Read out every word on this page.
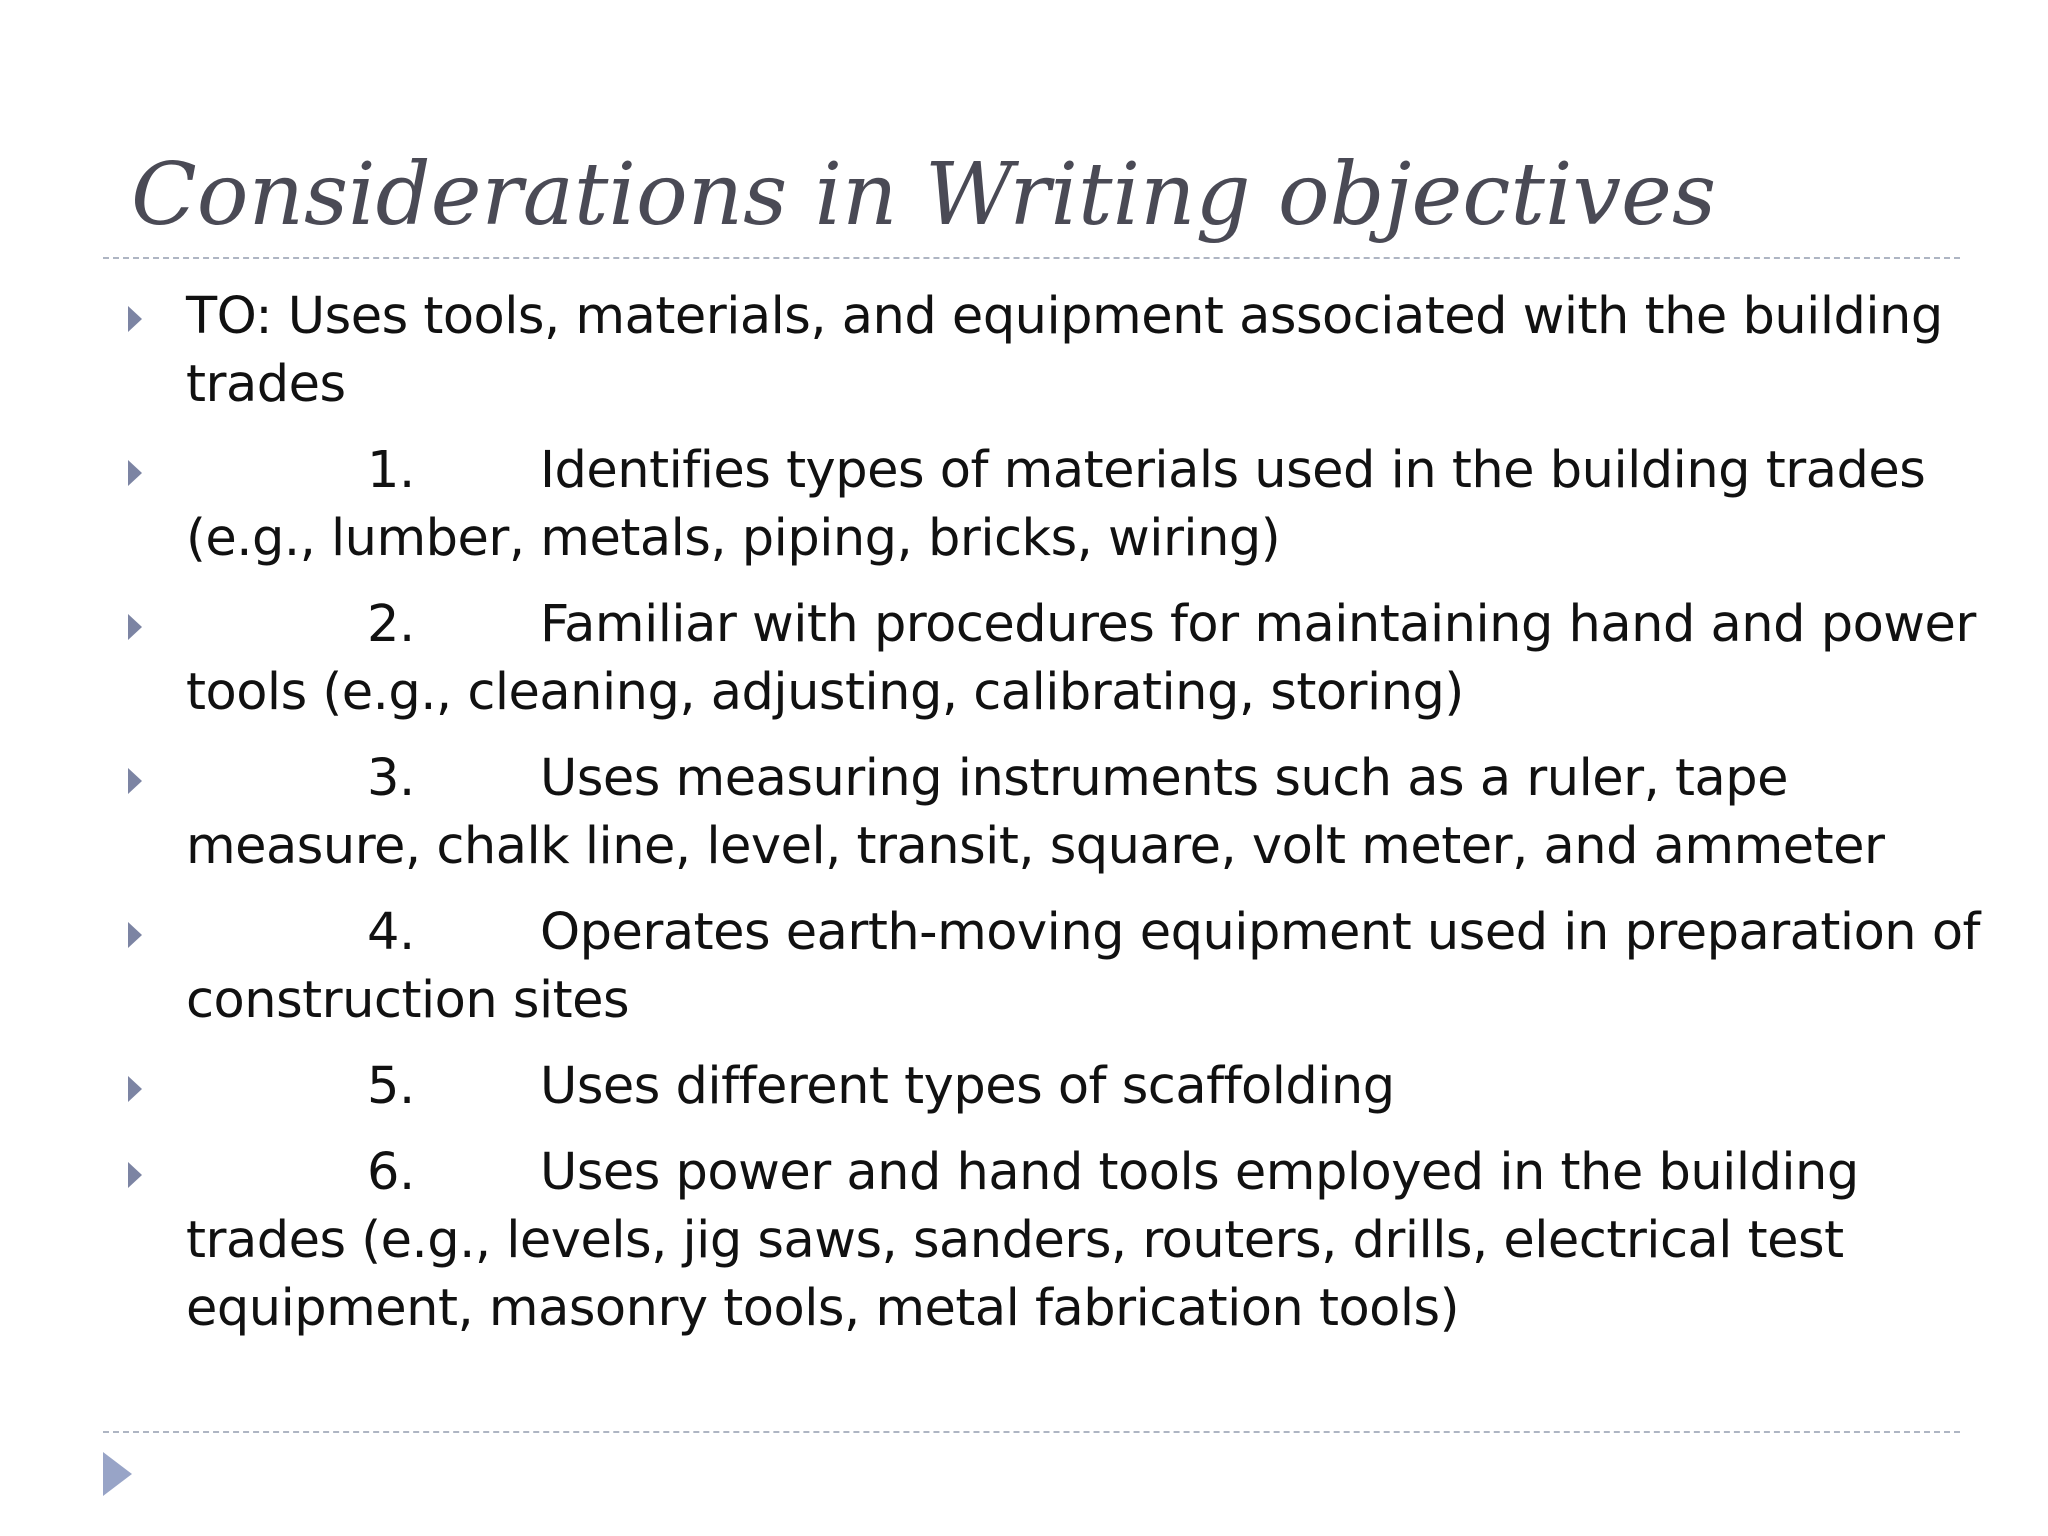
Considerations in Writing objectives
TO: Uses tools, materials, and equipment associated with the building trades
1. Identifies types of materials used in the building trades (e.g., lumber, metals, piping, bricks, wiring)
2. Familiar with procedures for maintaining hand and power tools (e.g., cleaning, adjusting, calibrating, storing)
3. Uses measuring instruments such as a ruler, tape measure, chalk line, level, transit, square, volt meter, and ammeter
4. Operates earth-moving equipment used in preparation of construction sites
5. Uses different types of scaffolding
6. Uses power and hand tools employed in the building trades (e.g., levels, jig saws, sanders, routers, drills, electrical test equipment, masonry tools, metal fabrication tools)
